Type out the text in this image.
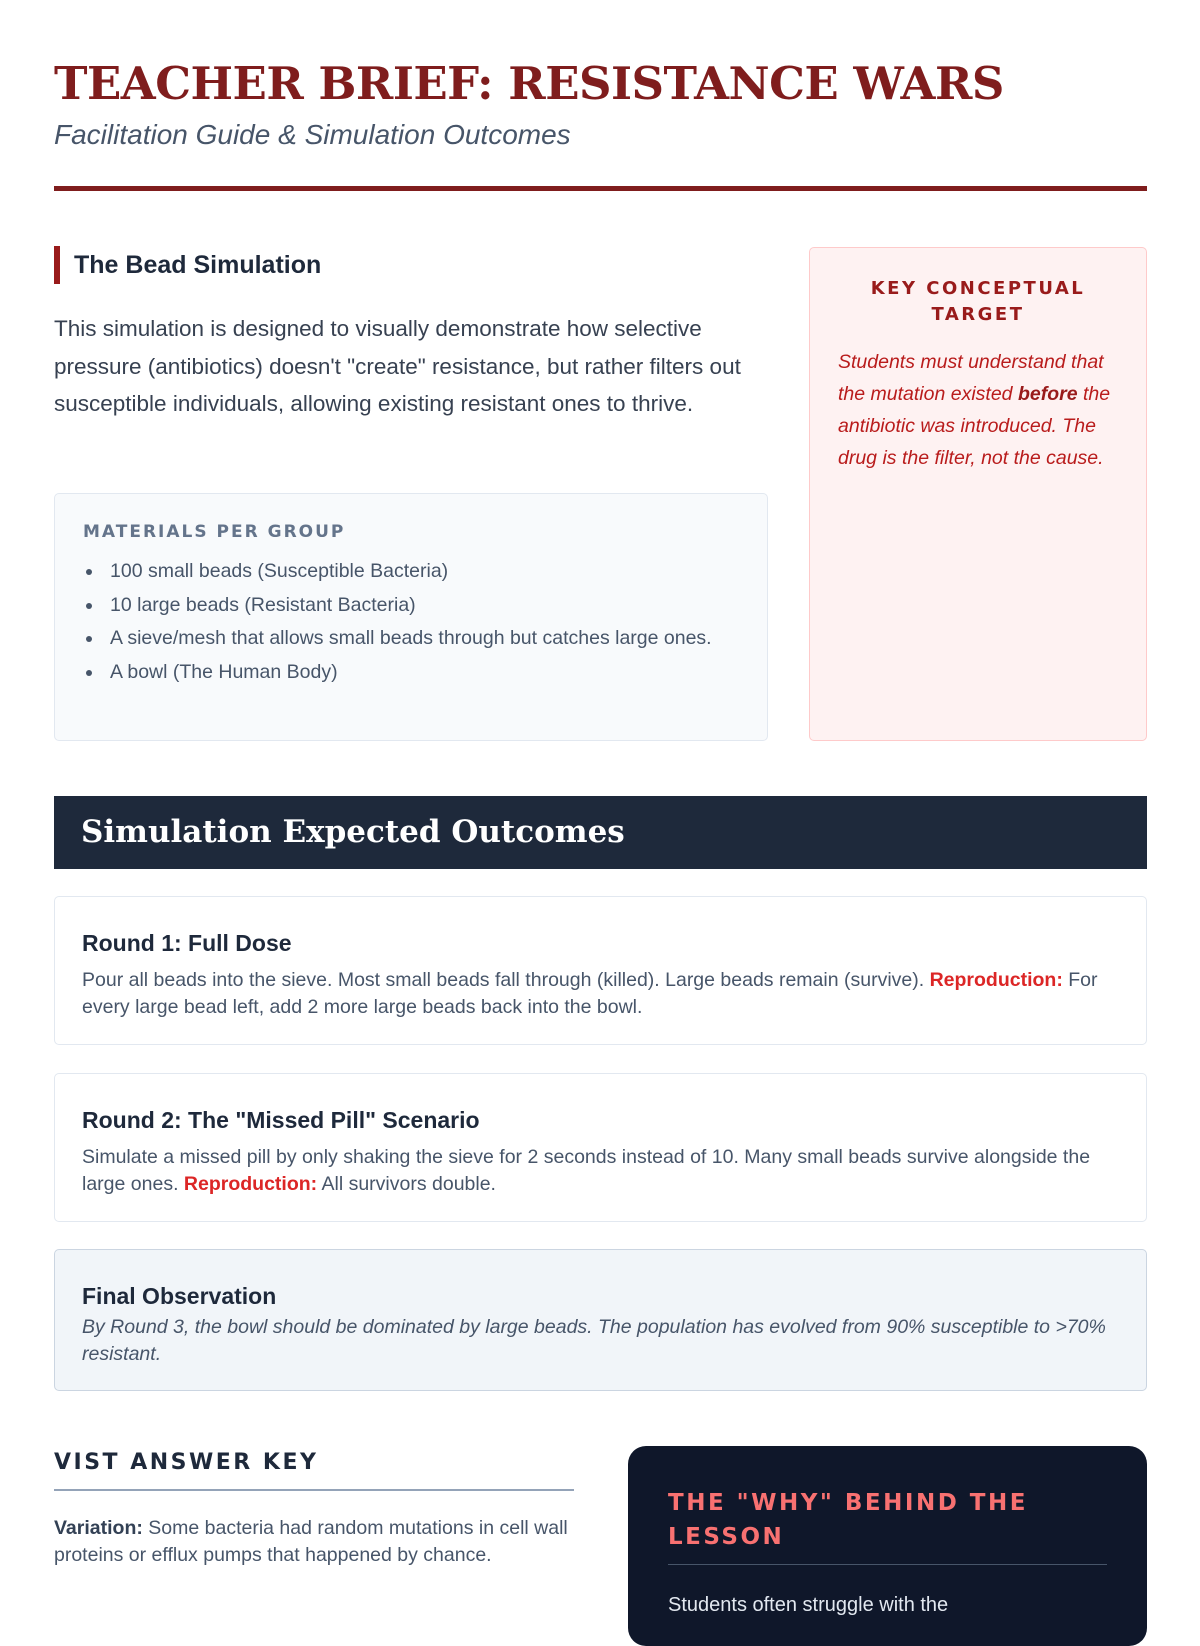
TEACHER BRIEF: RESISTANCE WARS
Facilitation Guide & Simulation Outcomes
The Bead Simulation

This simulation is designed to visually demonstrate how selective pressure (antibiotics) doesn't "create" resistance, but rather filters out susceptible individuals, allowing existing resistant ones to thrive.

MATERIALS PER GROUP
100 small beads (Susceptible Bacteria)
10 large beads (Resistant Bacteria)
A sieve/mesh that allows small beads through but catches large ones.
A bowl (The Human Body)
KEY CONCEPTUAL TARGET

Students must understand that the mutation existed before the antibiotic was introduced. The drug is the filter, not the cause.

Simulation Expected Outcomes
Round 1: Full Dose

Pour all beads into the sieve. Most small beads fall through (killed). Large beads remain (survive). Reproduction: For every large bead left, add 2 more large beads back into the bowl.

Round 2: The "Missed Pill" Scenario

Simulate a missed pill by only shaking the sieve for 2 seconds instead of 10. Many small beads survive alongside the large ones. Reproduction: All survivors double.

Final Observation

By Round 3, the bowl should be dominated by large beads. The population has evolved from 90% susceptible to >70% resistant.

VIST ANSWER KEY

Variation: Some bacteria had random mutations in cell wall proteins or efflux pumps that happened by chance.

THE "WHY" BEHIND THE LESSON

Students often struggle with the
